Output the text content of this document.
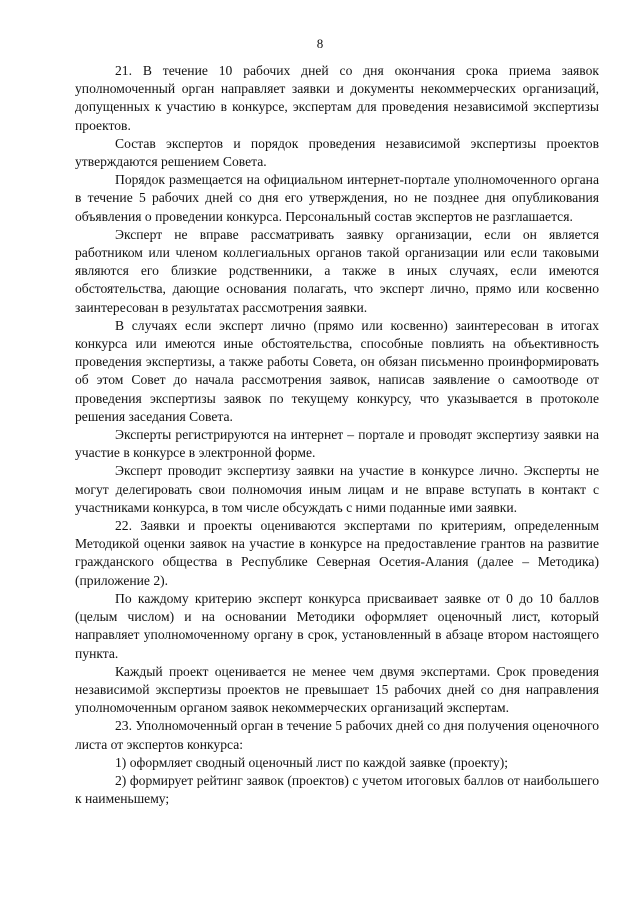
8

21. В течение 10 рабочих дней со дня окончания срока приема заявок уполномоченный орган направляет заявки и документы некоммерческих организаций, допущенных к участию в конкурсе, экспертам для проведения независимой экспертизы проектов.

Состав экспертов и порядок проведения независимой экспертизы проектов утверждаются решением Совета.

Порядок размещается на официальном интернет-портале уполномоченного органа в течение 5 рабочих дней со дня его утверждения, но не позднее дня опубликования объявления о проведении конкурса. Персональный состав экспертов не разглашается.

Эксперт не вправе рассматривать заявку организации, если он является работником или членом коллегиальных органов такой организации или если таковыми являются его близкие родственники, а также в иных случаях, если имеются обстоятельства, дающие основания полагать, что эксперт лично, прямо или косвенно заинтересован в результатах рассмотрения заявки.

В случаях если эксперт лично (прямо или косвенно) заинтересован в итогах конкурса или имеются иные обстоятельства, способные повлиять на объективность проведения экспертизы, а также работы Совета, он обязан письменно проинформировать об этом Совет до начала рассмотрения заявок, написав заявление о самоотводе от проведения экспертизы заявок по текущему конкурсу, что указывается в протоколе решения заседания Совета.

Эксперты регистрируются на интернет – портале и проводят экспертизу заявки на участие в конкурсе в электронной форме.

Эксперт проводит экспертизу заявки на участие в конкурсе лично. Эксперты не могут делегировать свои полномочия иным лицам и не вправе вступать в контакт с участниками конкурса, в том числе обсуждать с ними поданные ими заявки.

22. Заявки и проекты оцениваются экспертами по критериям, определенным Методикой оценки заявок на участие в конкурсе на предоставление грантов на развитие гражданского общества в Республике Северная Осетия-Алания (далее – Методика) (приложение 2).

По каждому критерию эксперт конкурса присваивает заявке от 0 до 10 баллов (целым числом) и на основании Методики оформляет оценочный лист, который направляет уполномоченному органу в срок, установленный в абзаце втором настоящего пункта.

Каждый проект оценивается не менее чем двумя экспертами. Срок проведения независимой экспертизы проектов не превышает 15 рабочих дней со дня направления уполномоченным органом заявок некоммерческих организаций экспертам.

23. Уполномоченный орган в течение 5 рабочих дней со дня получения оценочного листа от экспертов конкурса:

1) оформляет сводный оценочный лист по каждой заявке (проекту);

2) формирует рейтинг заявок (проектов) с учетом итоговых баллов от наибольшего к наименьшему;
